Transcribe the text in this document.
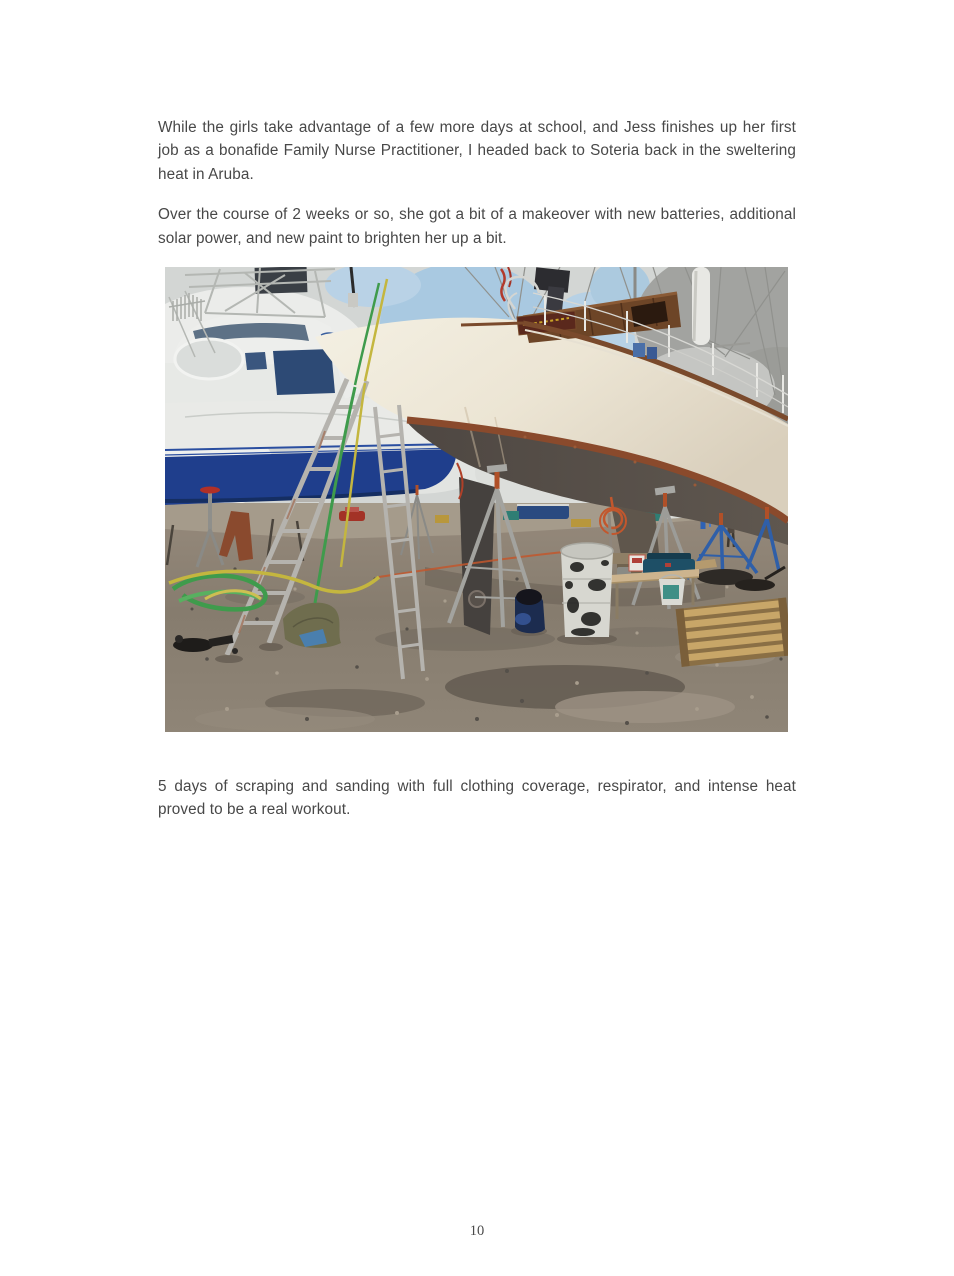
While the girls take advantage of a few more days at school, and Jess finishes up her first job as a bonafide Family Nurse Practitioner, I headed back to Soteria back in the sweltering heat in Aruba.

Over the course of 2 weeks or so, she got a bit of a makeover with new batteries, additional solar power, and new paint to brighten her up a bit.

5 days of scraping and sanding with full clothing coverage, respirator, and intense heat proved to be a real workout.

10
